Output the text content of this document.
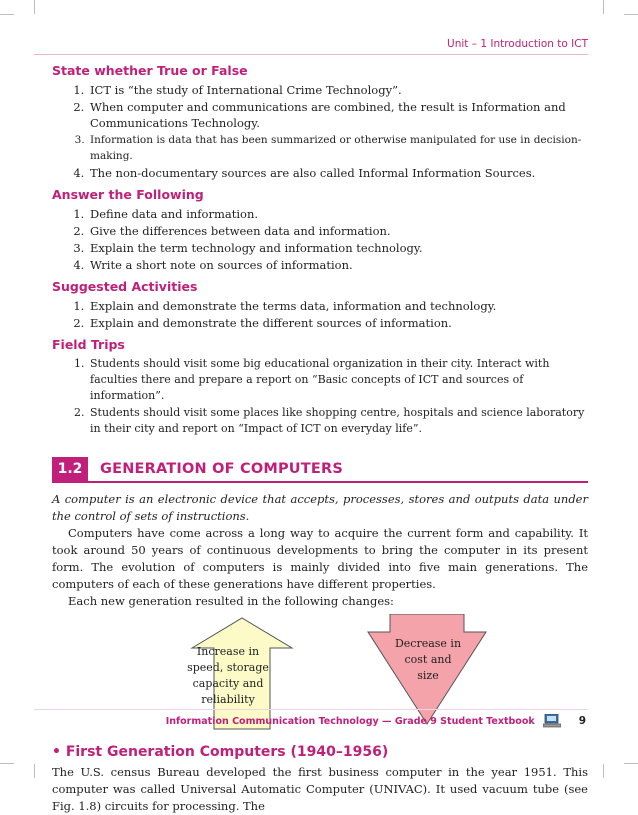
Unit – 1 Introduction to ICT
State whether True or False
1. ICT is “the study of International Crime Technology”.
2. When computer and communications are combined, the result is Information and Communications Technology.
3. Information is data that has been summarized or otherwise manipulated for use in decision-making.
4. The non-documentary sources are also called Informal Information Sources.
Answer the Following
1. Define data and information.
2. Give the differences between data and information.
3. Explain the term technology and information technology.
4. Write a short note on sources of information.
Suggested Activities
1. Explain and demonstrate the terms data, information and technology.
2. Explain and demonstrate the different sources of information.
Field Trips
1. Students should visit some big educational organization in their city. Interact with faculties there and prepare a report on “Basic concepts of ICT and sources of information”.
2. Students should visit some places like shopping centre, hospitals and science laboratory in their city and report on “Impact of ICT on everyday life”.
1.2	GENERATION OF COMPUTERS

A computer is an electronic device that accepts, processes, stores and outputs data under the control of sets of instructions.

Computers have come across a long way to acquire the current form and capability. It took around 50 years of continuous developments to bring the computer in its present form. The evolution of computers is mainly divided into five main generations. The computers of each of these generations have different properties.

Each new generation resulted in the following changes:

Increase in
speed, storage
capacity and
reliability
Decrease in
cost and
size
• First Generation Computers (1940–1956)

The U.S. census Bureau developed the first business computer in the year 1951. This computer was called Universal Automatic Computer (UNIVAC). It used vacuum tube (see Fig. 1.8) circuits for processing. The

Information Communication Technology — Grade 9 Student Textbook	9
